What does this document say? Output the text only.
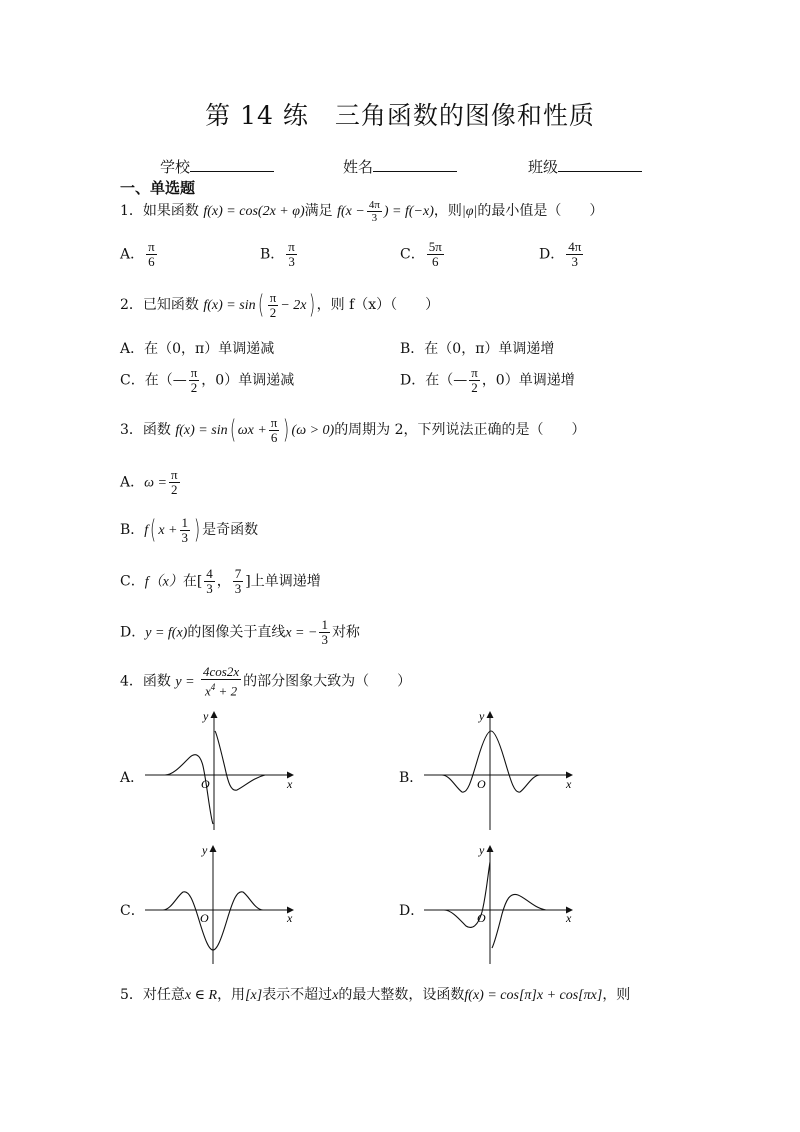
第 14 练　三角函数的图像和性质
学校	姓名	班级
一、单选题
1．如果函数 f(x) = cos(2x + φ)满足 $f(x - \frac{4\pi}{3}$ ) = f(−x)，则|φ|的最小值是（　　）
A． $\frac{\pi}{6}$	B． $\frac{\pi}{3}$	C． $\frac{5\pi}{6}$	D． $\frac{4\pi}{3}$
2．已知函数 $f(x) = \sin( \frac{\pi}{2} - 2x)$ ，则 f（x）（　　）
A．在（0，π）单调递减	B．在（0，π）单调递增
C．在（— $\frac{\pi}{2}$ ，0）单调递减	D．在（— $\frac{\pi}{2}$ ，0）单调递增
3．函数 f(x) = sin( $\omega x + \frac{\pi}{6}$ ) (ω > 0)的周期为 2，下列说法正确的是（　　）
A．$\omega = \frac{\pi}{2}$
B．f( $x + \frac{1}{3}$ ) 是奇函数
C．f（x）在[ $\frac{4}{3}$ ， $\frac{7}{3}$ ]上单调递增
D．y = f(x)的图像关于直线x = − $\frac{1}{3}$ 对称
4．函数 $y = \frac{4\cos 2x}{x^4 + 2}$ 的部分图象大致为（　　）
A．	B．
C．	D．
y
x
O
y
x
O
y
x
O
y
x
O
5．对任意x ∈ R，用[x]表示不超过x的最大整数，设函数f(x) = cos[π]x + cos[πx]，则
